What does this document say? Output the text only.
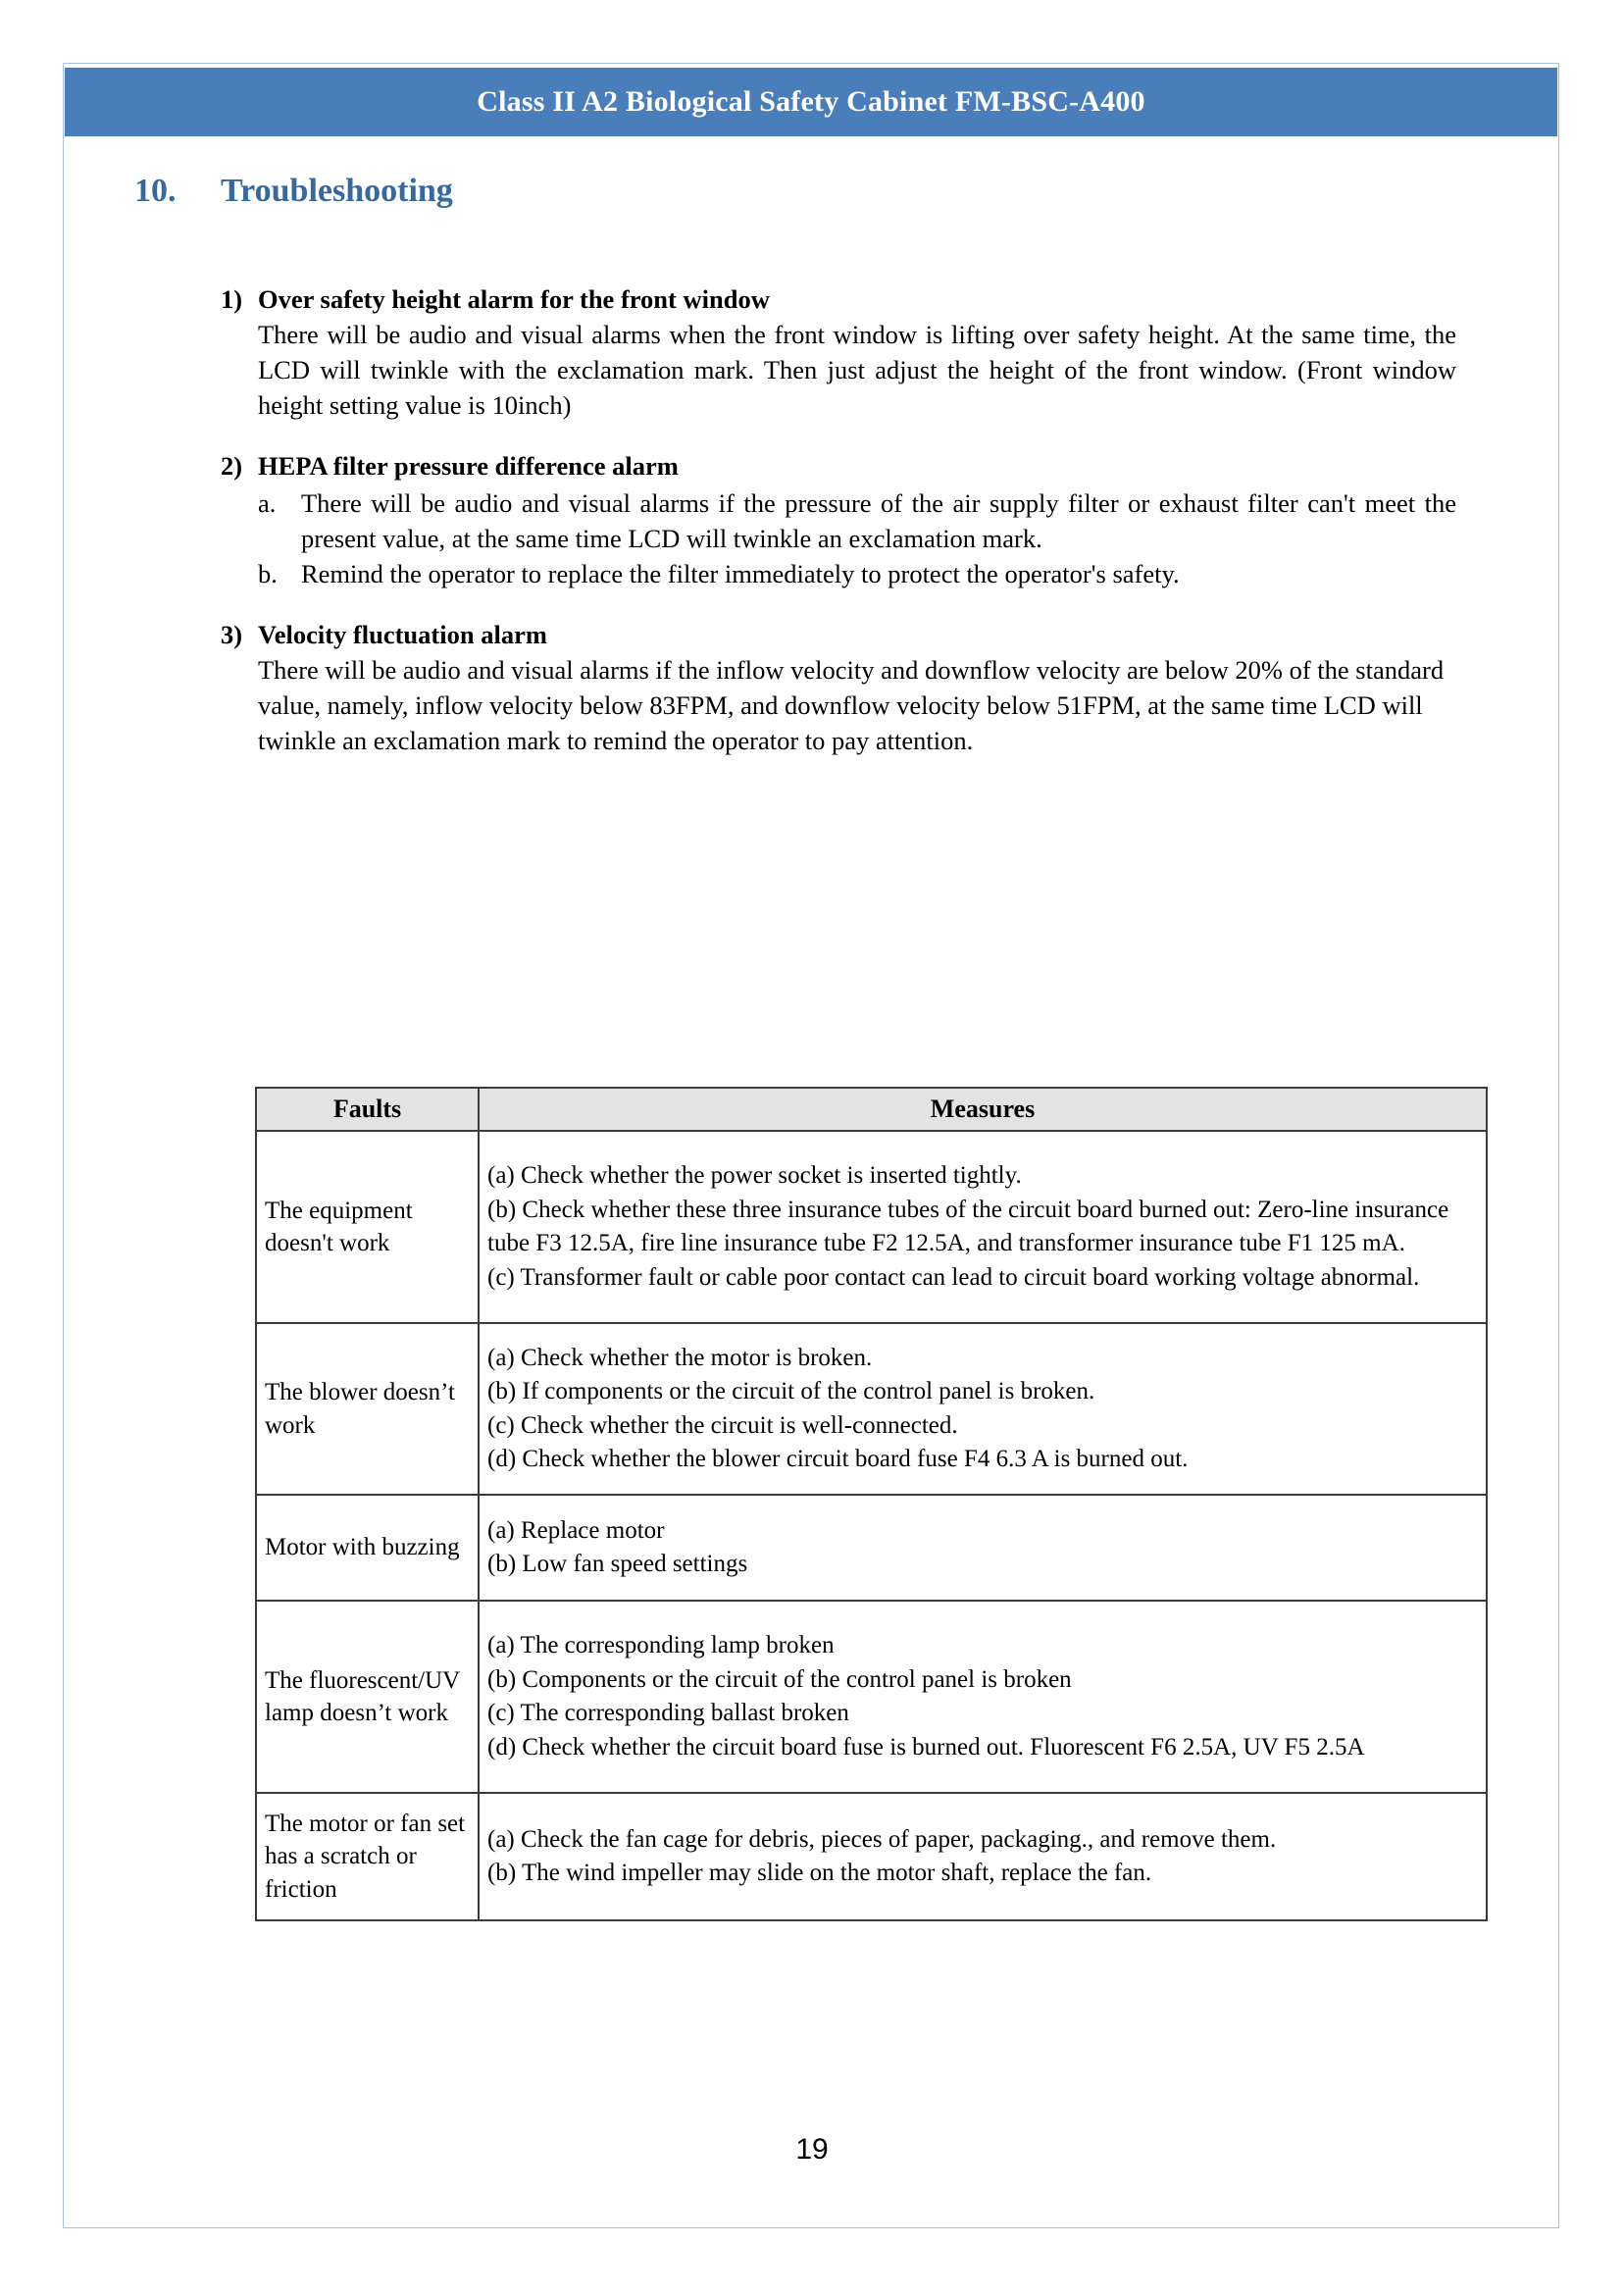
10. Troubleshooting
1) Over safety height alarm for the front window
There will be audio and visual alarms when the front window is lifting over safety height. At the same time, the LCD will twinkle with the exclamation mark. Then just adjust the height of the front window. (Front window height setting value is 10inch)
2) HEPA filter pressure difference alarm
a. There will be audio and visual alarms if the pressure of the air supply filter or exhaust filter can't meet the present value, at the same time LCD will twinkle an exclamation mark.
b. Remind the operator to replace the filter immediately to protect the operator's safety.
3) Velocity fluctuation alarm
There will be audio and visual alarms if the inflow velocity and downflow velocity are below 20% of the standard value, namely, inflow velocity below 83FPM, and downflow velocity below 51FPM, at the same time LCD will twinkle an exclamation mark to remind the operator to pay attention.
Faults	Measures
The equipment doesn't work	(a) Check whether the power socket is inserted tightly.
(b) Check whether these three insurance tubes of the circuit board burned out: Zero-line insurance tube F3 12.5A, fire line insurance tube F2 12.5A, and transformer insurance tube F1 125 mA.
(c) Transformer fault or cable poor contact can lead to circuit board working voltage abnormal.

The blower doesn’t work	(a) Check whether the motor is broken.
(b) If components or the circuit of the control panel is broken.
(c) Check whether the circuit is well-connected.
(d) Check whether the blower circuit board fuse F4 6.3 A is burned out.

Motor with buzzing	(a) Replace motor
(b) Low fan speed settings

The fluorescent/UV lamp doesn’t work	(a) The corresponding lamp broken
(b) Components or the circuit of the control panel is broken
(c) The corresponding ballast broken
(d) Check whether the circuit board fuse is burned out. Fluorescent F6 2.5A, UV F5 2.5A

The motor or fan set has a scratch or friction	(a) Check the fan cage for debris, pieces of paper, packaging., and remove them.
(b) The wind impeller may slide on the motor shaft, replace the fan.
19
Class II A2 Biological Safety Cabinet FM-BSC-A400
